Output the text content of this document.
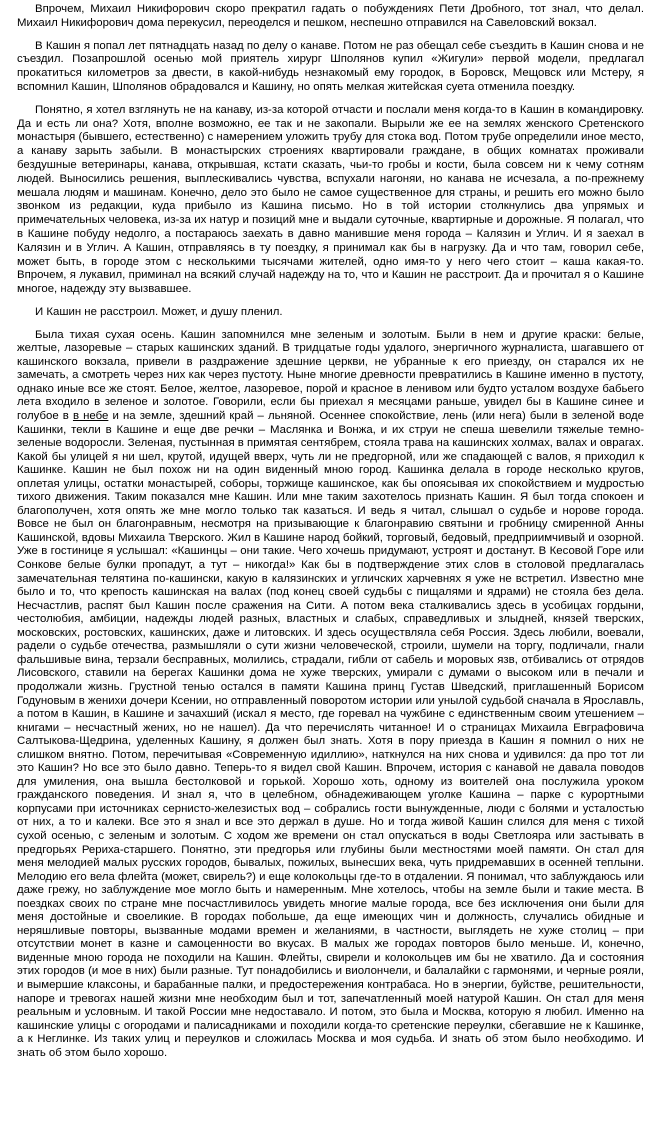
Впрочем, Михаил Никифорович скоро прекратил гадать о побуждениях Пети Дробного, тот знал, что делал. Михаил Никифорович дома перекусил, переоделся и пешком, неспешно отправился на Савеловский вокзал.

В Кашин я попал лет пятнадцать назад по делу о канаве. Потом не раз обещал себе съездить в Кашин снова и не съездил. Позапрошлой осенью мой приятель хирург Шполянов купил «Жигули» первой модели, предлагал прокатиться километров за двести, в какой-нибудь незнакомый ему городок, в Боровск, Мещовск или Мстеру, я вспомнил Кашин, Шполянов обрадовался и Кашину, но опять мелкая житейская суета отменила поездку.

Понятно, я хотел взглянуть не на канаву, из-за которой отчасти и послали меня когда-то в Кашин в командировку. Да и есть ли она? Хотя, вполне возможно, ее так и не закопали. Вырыли же ее на землях женского Сретенского монастыря (бывшего, естественно) с намерением уложить трубу для стока вод. Потом трубе определили иное место, а канаву зарыть забыли. В монастырских строениях квартировали граждане, в общих комнатах проживали бездушные ветеринары, канава, открывшая, кстати сказать, чьи-то гробы и кости, была совсем ни к чему сотням людей. Выносились решения, выплескивались чувства, вспухали нагоняи, но канава не исчезала, а по-прежнему мешала людям и машинам. Конечно, дело это было не самое существенное для страны, и решить его можно было звонком из редакции, куда прибыло из Кашина письмо. Но в той истории столкнулись два упрямых и примечательных человека, из-за их натур и позиций мне и выдали суточные, квартирные и дорожные. Я полагал, что в Кашине побуду недолго, а постараюсь заехать в давно манившие меня города – Калязин и Углич. И я заехал в Калязин и в Углич. А Кашин, отправляясь в ту поездку, я принимал как бы в нагрузку. Да и что там, говорил себе, может быть, в городе этом с несколькими тысячами жителей, одно имя-то у него чего стоит – каша какая-то. Впрочем, я лукавил, приминал на всякий случай надежду на то, что и Кашин не расстроит. Да и прочитал я о Кашине многое, надежду эту вызвавшее.

И Кашин не расстроил. Может, и душу пленил.

Была тихая сухая осень. Кашин запомнился мне зеленым и золотым. Были в нем и другие краски: белые, желтые, лазоревые – старых кашинских зданий. В тридцатые годы удалого, энергичного журналиста, шагавшего от кашинского вокзала, привели в раздражение здешние церкви, не убранные к его приезду, он старался их не замечать, а смотреть через них как через пустоту. Ныне многие древности превратились в Кашине именно в пустоту, однако иные все же стоят. Белое, желтое, лазоревое, порой и красное в ленивом или будто усталом воздухе бабьего лета входило в зеленое и золотое. Говорили, если бы приехал я месяцами раньше, увидел бы в Кашине синее и голубое в в небе и на земле, здешний край – льняной. Осеннее спокойствие, лень (или нега) были в зеленой воде Кашинки, текли в Кашине и еще две речки – Маслянка и Вонжа, и их струи не спеша шевелили тяжелые темно-зеленые водоросли. Зеленая, пустынная в примятая сентябрем, стояла трава на кашинских холмах, валах и оврагах. Какой бы улицей я ни шел, крутой, идущей вверх, чуть ли не предгорной, или же спадающей с валов, я приходил к Кашинке. Кашин не был похож ни на один виденный мною город. Кашинка делала в городе несколько кругов, оплетая улицы, остатки монастырей, соборы, торжище кашинское, как бы опоясывая их спокойствием и мудростью тихого движения. Таким показался мне Кашин. Или мне таким захотелось признать Кашин. Я был тогда спокоен и благополучен, хотя опять же мне могло только так казаться. И ведь я читал, слышал о судьбе и норове города. Вовсе не был он благонравным, несмотря на призывающие к благонравию святыни и гробницу смиренной Анны Кашинской, вдовы Михаила Тверского. Жил в Кашине народ бойкий, торговый, бедовый, предприимчивый и озорной. Уже в гостинице я услышал: «Кашинцы – они такие. Чего хочешь придумают, устроят и достанут. В Кесовой Горе или Сонкове белые булки пропадут, а тут – никогда!» Как бы в подтверждение этих слов в столовой предлагалась замечательная телятина по-кашински, какую в калязинских и угличских харчевнях я уже не встретил. Известно мне было и то, что крепость кашинская на валах (под конец своей судьбы с пищалями и ядрами) не стояла без дела. Несчастлив, распят был Кашин после сражения на Сити. А потом века сталкивались здесь в усобицах гордыни, честолюбия, амбиции, надежды людей разных, властных и слабых, справедливых и злыдней, князей тверских, московских, ростовских, кашинских, даже и литовских. И здесь осуществляла себя Россия. Здесь любили, воевали, радели о судьбе отечества, размышляли о сути жизни человеческой, строили, шумели на торгу, подличали, гнали фальшивые вина, терзали бесправных, молились, страдали, гибли от сабель и моровых язв, отбивались от отрядов Лисовского, ставили на берегах Кашинки дома не хуже тверских, умирали с думами о высоком или в печали и продолжали жизнь. Грустной тенью остался в памяти Кашина принц Густав Шведский, приглашенный Борисом Годуновым в женихи дочери Ксении, но отправленный поворотом истории или унылой судьбой сначала в Ярославль, а потом в Кашин, в Кашине и зачахший (искал я место, где горевал на чужбине с единственным своим утешением – книгами – несчастный жених, но не нашел). Да что перечислять читанное! И о страницах Михаила Евграфовича Салтыкова-Щедрина, уделенных Кашину, я должен был знать. Хотя в пору приезда в Кашин я помнил о них не слишком внятно. Потом, перечитывая «Современную идиллию», наткнулся на них снова и удивился: да про тот ли это Кашин? Но все это было давно. Теперь-то я видел свой Кашин. Впрочем, история с канавой не давала поводов для умиления, она вышла бестолковой и горькой. Хорошо хоть, одному из воителей она послужила уроком гражданского поведения. И знал я, что в целебном, обнадеживающем уголке Кашина – парке с курортными корпусами при источниках сернисто-железистых вод – собрались гости вынужденные, люди с болями и усталостью от них, а то и калеки. Все это я знал и все это держал в душе. Но и тогда живой Кашин слился для меня с тихой сухой осенью, с зеленым и золотым. С ходом же времени он стал опускаться в воды Светлояра или застывать в предгорьях Рериха-старшего. Понятно, эти предгорья или глубины были местностями моей памяти. Он стал для меня мелодией малых русских городов, бывалых, пожилых, вынесших века, чуть придремавших в осенней теплыни. Мелодию его вела флейта (может, свирель?) и еще колокольцы где-то в отдалении. Я понимал, что заблуждаюсь или даже грежу, но заблуждение мое могло быть и намеренным. Мне хотелось, чтобы на земле были и такие места. В поездках своих по стране мне посчастливилось увидеть многие малые города, все без исключения они были для меня достойные и своеликие. В городах побольше, да еще имеющих чин и должность, случались обидные и неряшливые повторы, вызванные модами времен и желаниями, в частности, выглядеть не хуже столиц – при отсутствии монет в казне и самоценности во вкусах. В малых же городах повторов было меньше. И, конечно, виденные мною города не походили на Кашин. Флейты, свирели и колокольцев им бы не хватило. Да и состояния этих городов (и мое в них) были разные. Тут понадобились и виолончели, и балалайки с гармонями, и черные рояли, и вымершие клаксоны, и барабанные палки, и предостережения контрабаса. Но в энергии, буйстве, решительности, напоре и тревогах нашей жизни мне необходим был и тот, запечатленный моей натурой Кашин. Он стал для меня реальным и условным. И такой России мне недоставало. И потом, это была и Москва, которую я любил. Именно на кашинские улицы с огородами и палисадниками и походили когда-то сретенские переулки, сбегавшие не к Кашинке, а к Неглинке. Из таких улиц и переулков и сложилась Москва и моя судьба. И знать об этом было необходимо. И знать об этом было хорошо.
